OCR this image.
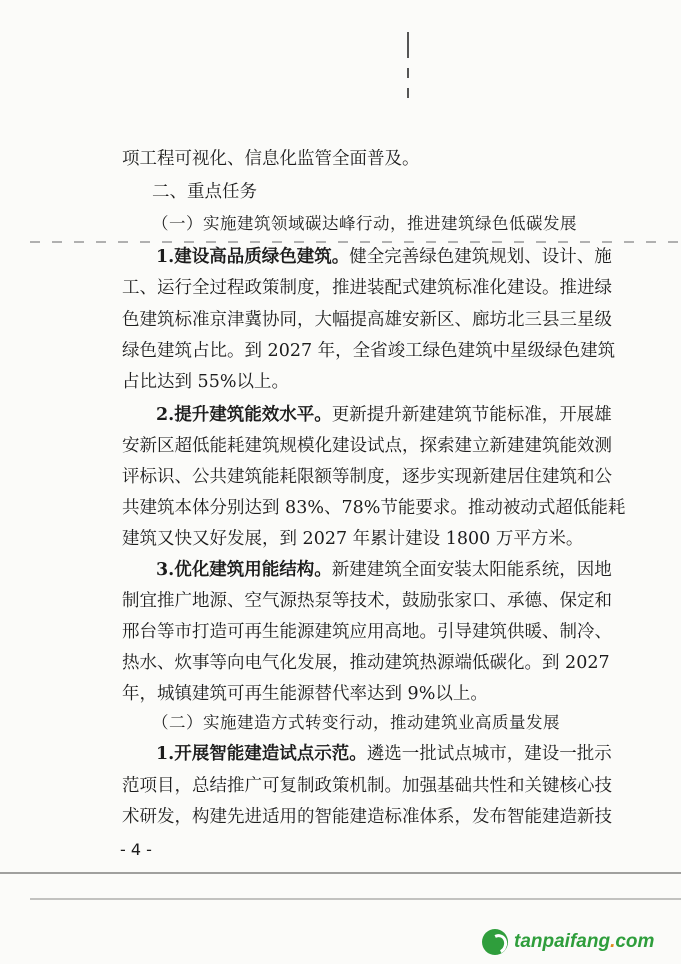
项工程可视化、信息化监管全面普及。
二、重点任务
（一）实施建筑领域碳达峰行动，推进建筑绿色低碳发展
1.建设高品质绿色建筑。健全完善绿色建筑规划、设计、施
工、运行全过程政策制度，推进装配式建筑标准化建设。推进绿
色建筑标准京津冀协同，大幅提高雄安新区、廊坊北三县三星级
绿色建筑占比。到 2027 年，全省竣工绿色建筑中星级绿色建筑
占比达到 55%以上。
2.提升建筑能效水平。更新提升新建建筑节能标准，开展雄
安新区超低能耗建筑规模化建设试点，探索建立新建建筑能效测
评标识、公共建筑能耗限额等制度，逐步实现新建居住建筑和公
共建筑本体分别达到 83%、78%节能要求。推动被动式超低能耗
建筑又快又好发展，到 2027 年累计建设 1800 万平方米。
3.优化建筑用能结构。新建建筑全面安装太阳能系统，因地
制宜推广地源、空气源热泵等技术，鼓励张家口、承德、保定和
邢台等市打造可再生能源建筑应用高地。引导建筑供暖、制冷、
热水、炊事等向电气化发展，推动建筑热源端低碳化。到 2027
年，城镇建筑可再生能源替代率达到 9%以上。
（二）实施建造方式转变行动，推动建筑业高质量发展
1.开展智能建造试点示范。遴选一批试点城市，建设一批示
范项目，总结推广可复制政策机制。加强基础共性和关键核心技
术研发，构建先进适用的智能建造标准体系，发布智能建造新技
- 4 -
tanpaifang.com
